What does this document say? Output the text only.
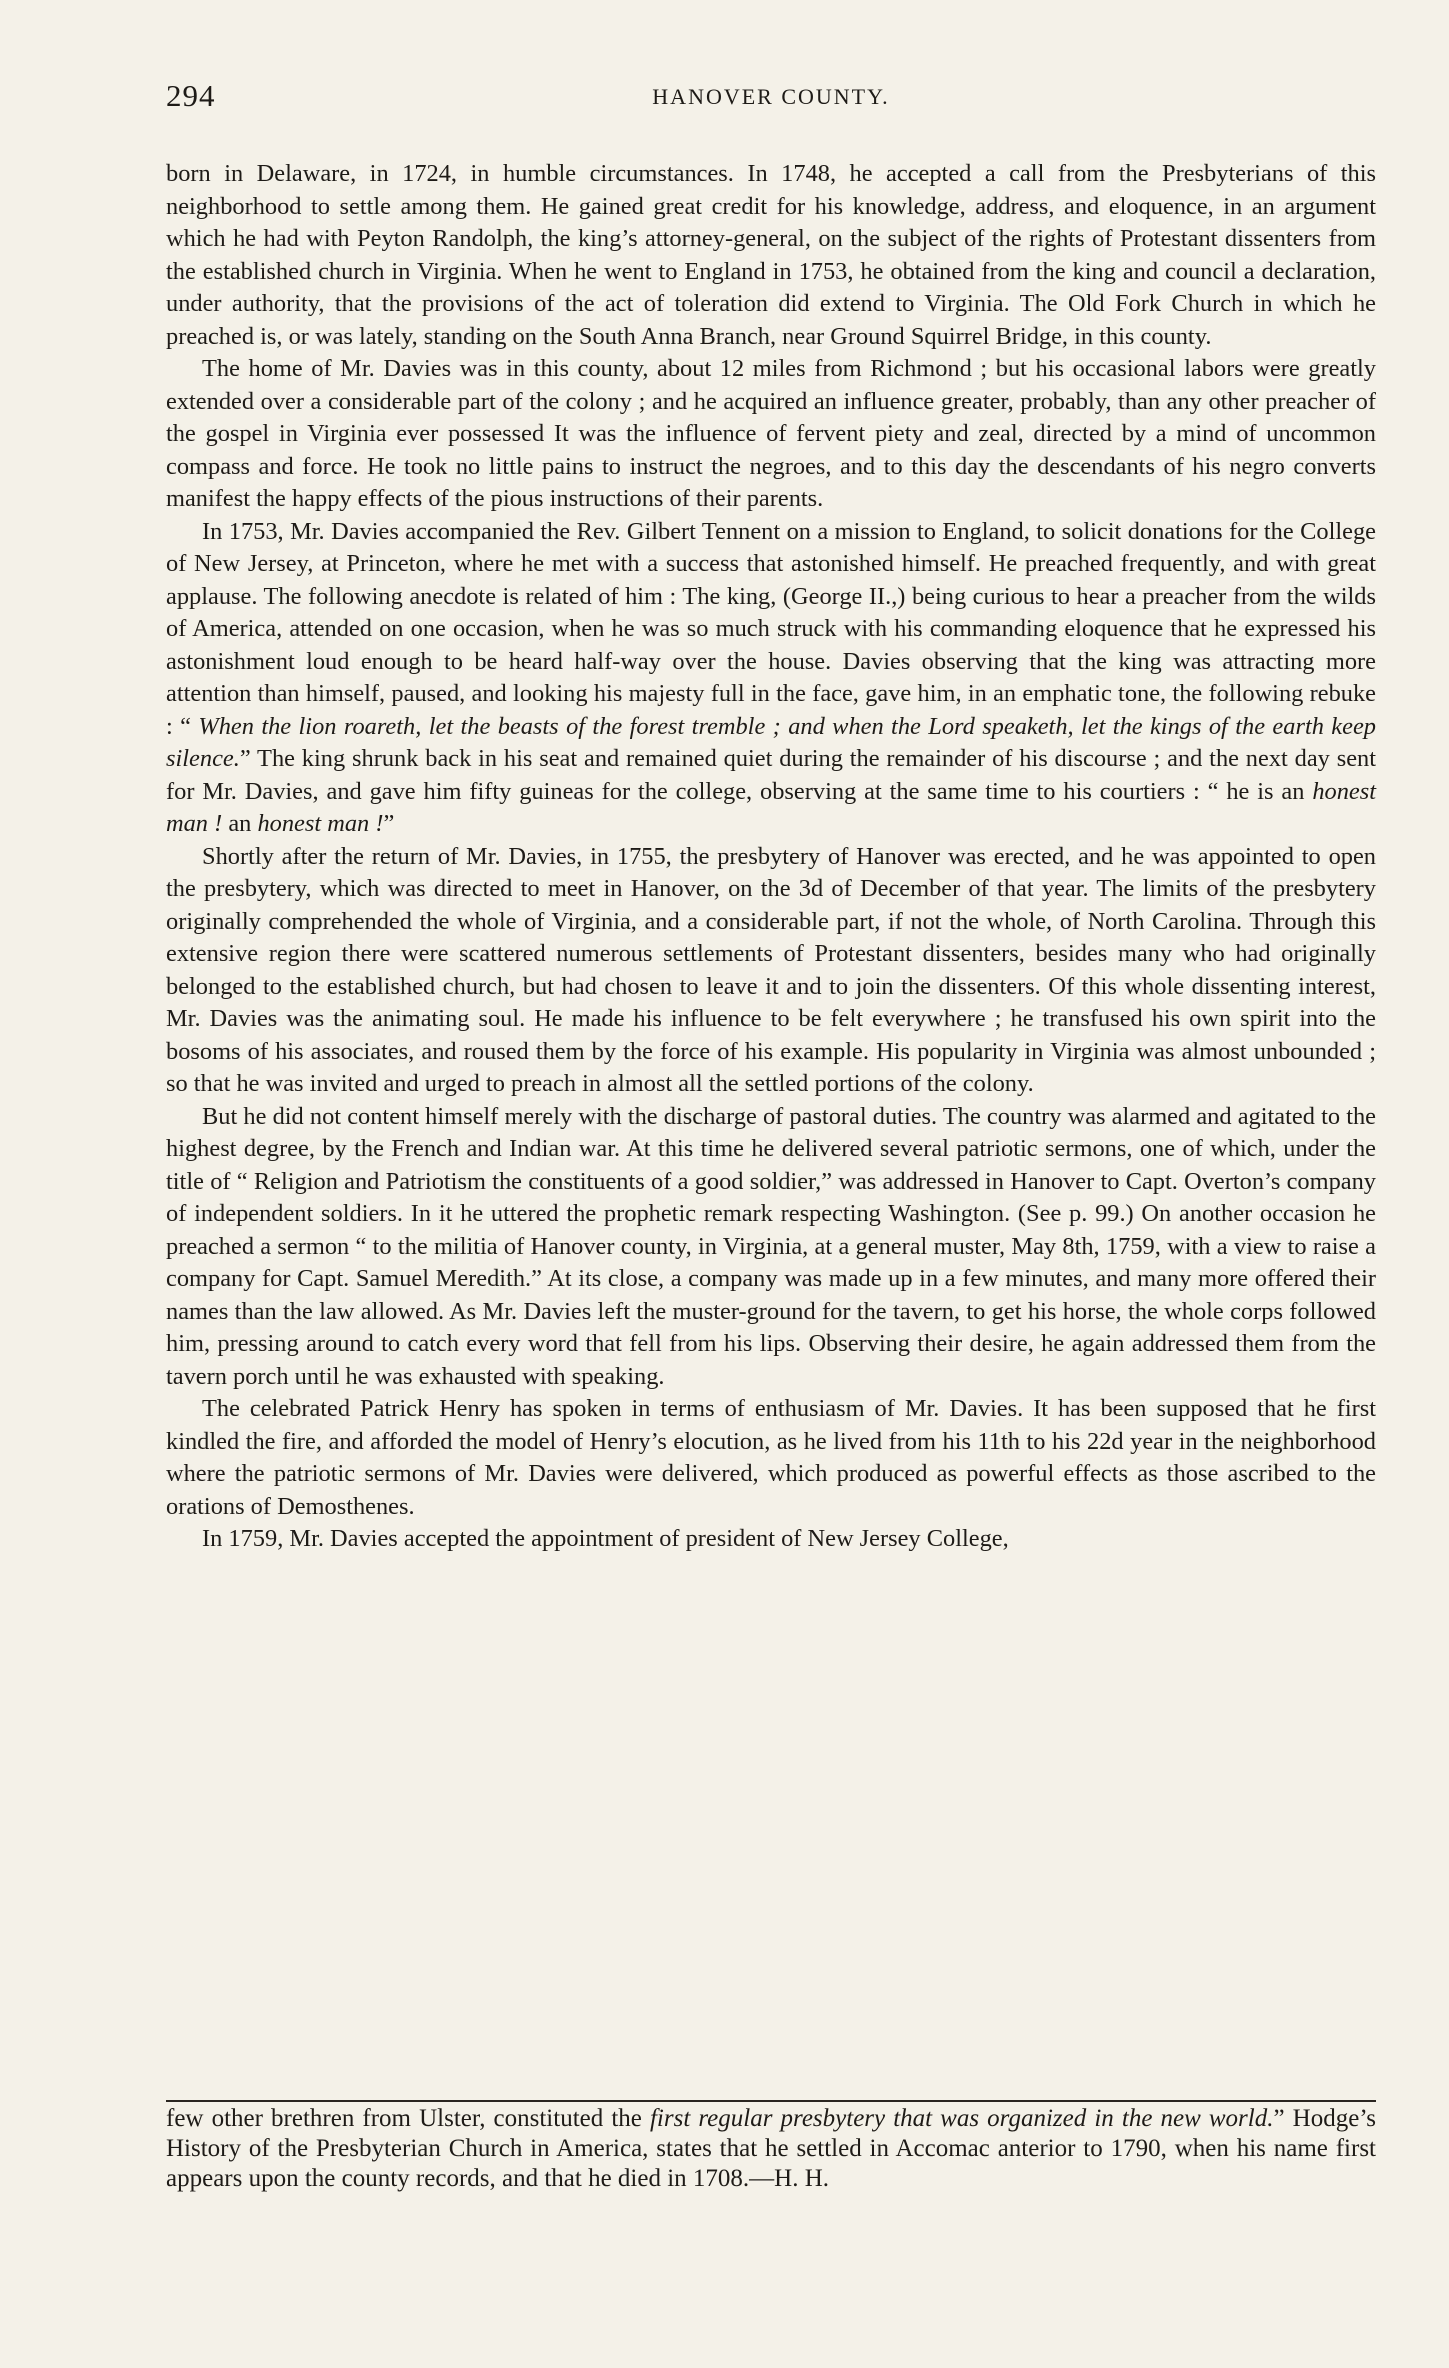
294	HANOVER COUNTY.

born in Delaware, in 1724, in humble circumstances. In 1748, he accepted a call from the Presbyterians of this neighborhood to settle among them. He gained great credit for his knowledge, address, and eloquence, in an argument which he had with Peyton Randolph, the king’s attorney-general, on the subject of the rights of Protestant dissenters from the established church in Virginia. When he went to England in 1753, he obtained from the king and council a declaration, under authority, that the provisions of the act of toleration did extend to Virginia. The Old Fork Church in which he preached is, or was lately, standing on the South Anna Branch, near Ground Squirrel Bridge, in this county.

The home of Mr. Davies was in this county, about 12 miles from Richmond ; but his occasional labors were greatly extended over a considerable part of the colony ; and he acquired an influence greater, probably, than any other preacher of the gospel in Virginia ever possessed It was the influence of fervent piety and zeal, directed by a mind of uncommon compass and force. He took no little pains to instruct the negroes, and to this day the descendants of his negro converts manifest the happy effects of the pious instructions of their parents.

In 1753, Mr. Davies accompanied the Rev. Gilbert Tennent on a mission to England, to solicit donations for the College of New Jersey, at Princeton, where he met with a success that astonished himself. He preached frequently, and with great applause. The following anecdote is related of him : The king, (George II.,) being curious to hear a preacher from the wilds of America, attended on one occasion, when he was so much struck with his commanding eloquence that he expressed his astonishment loud enough to be heard half-way over the house. Davies observing that the king was attracting more attention than himself, paused, and looking his majesty full in the face, gave him, in an emphatic tone, the following rebuke : “ When the lion roareth, let the beasts of the forest tremble ; and when the Lord speaketh, let the kings of the earth keep silence.” The king shrunk back in his seat and remained quiet during the remainder of his discourse ; and the next day sent for Mr. Davies, and gave him fifty guineas for the college, observing at the same time to his courtiers : “ he is an honest man ! an honest man !”

Shortly after the return of Mr. Davies, in 1755, the presbytery of Hanover was erected, and he was appointed to open the presbytery, which was directed to meet in Hanover, on the 3d of December of that year. The limits of the presbytery originally comprehended the whole of Virginia, and a considerable part, if not the whole, of North Carolina. Through this extensive region there were scattered numerous settlements of Protestant dissenters, besides many who had originally belonged to the established church, but had chosen to leave it and to join the dissenters. Of this whole dissenting interest, Mr. Davies was the animating soul. He made his influence to be felt everywhere ; he transfused his own spirit into the bosoms of his associates, and roused them by the force of his example. His popularity in Virginia was almost unbounded ; so that he was invited and urged to preach in almost all the settled portions of the colony.

But he did not content himself merely with the discharge of pastoral duties. The country was alarmed and agitated to the highest degree, by the French and Indian war. At this time he delivered several patriotic sermons, one of which, under the title of “ Religion and Patriotism the constituents of a good soldier,” was addressed in Hanover to Capt. Overton’s company of independent soldiers. In it he uttered the prophetic remark respecting Washington. (See p. 99.) On another occasion he preached a sermon “ to the militia of Hanover county, in Virginia, at a general muster, May 8th, 1759, with a view to raise a company for Capt. Samuel Meredith.” At its close, a company was made up in a few minutes, and many more offered their names than the law allowed. As Mr. Davies left the muster-ground for the tavern, to get his horse, the whole corps followed him, pressing around to catch every word that fell from his lips. Observing their desire, he again addressed them from the tavern porch until he was exhausted with speaking.

The celebrated Patrick Henry has spoken in terms of enthusiasm of Mr. Davies. It has been supposed that he first kindled the fire, and afforded the model of Henry’s elocution, as he lived from his 11th to his 22d year in the neighborhood where the patriotic sermons of Mr. Davies were delivered, which produced as powerful effects as those ascribed to the orations of Demosthenes.

In 1759, Mr. Davies accepted the appointment of president of New Jersey College,

few other brethren from Ulster, constituted the first regular presbytery that was organized in the new world.” Hodge’s History of the Presbyterian Church in America, states that he settled in Accomac anterior to 1790, when his name first appears upon the county records, and that he died in 1708.—H. H.
